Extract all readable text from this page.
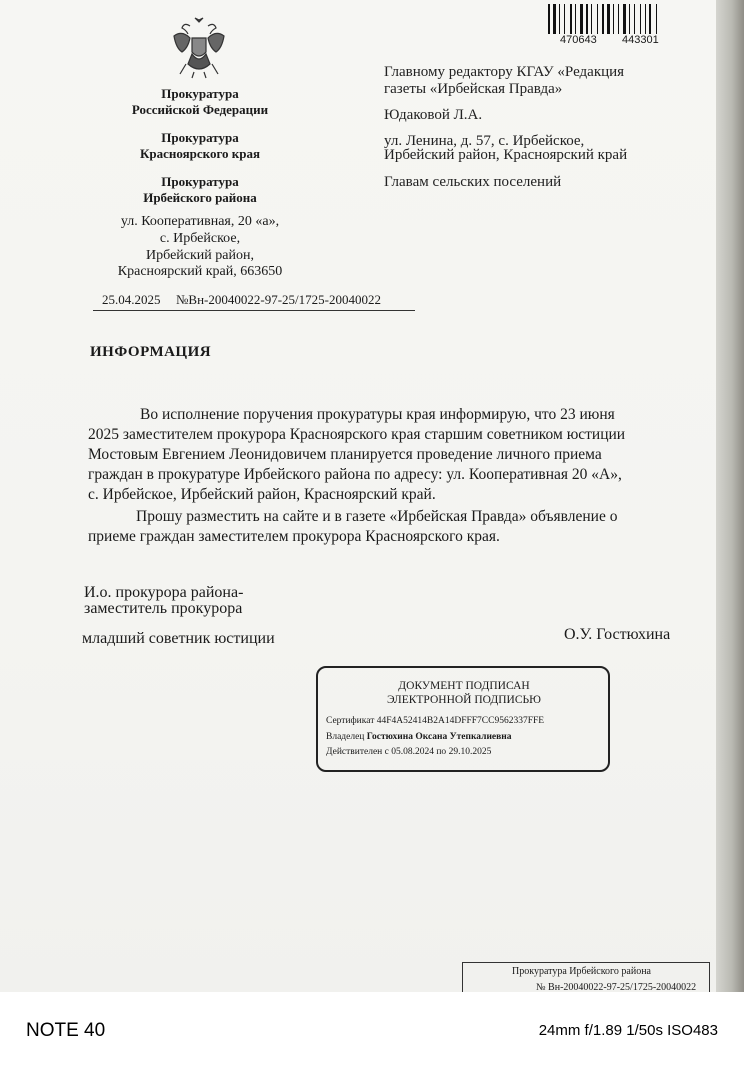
470643 443301
Прокуратура
Российской Федерации
Прокуратура
Красноярского края
Прокуратура
Ирбейского района
ул. Кооперативная, 20 «а»,
с. Ирбейское,
Ирбейский район,
Красноярский край, 663650
25.04.2025 №Вн-20040022-97-25/1725-20040022
Главному редактору КГАУ «Редакция
газеты «Ирбейская Правда»
Юдаковой Л.А.
ул. Ленина, д. 57, с. Ирбейское,
Ирбейский район, Красноярский край
Главам сельских поселений
ИНФОРМАЦИЯ
Во исполнение поручения прокуратуры края информирую, что 23 июня
2025 заместителем прокурора Красноярского края старшим советником юстиции
Мостовым Евгением Леонидовичем планируется проведение личного приема
граждан в прокуратуре Ирбейского района по адресу: ул. Кооперативная 20 «А»,
с. Ирбейское, Ирбейский район, Красноярский край.
Прошу разместить на сайте и в газете «Ирбейская Правда» объявление о
приеме граждан заместителем прокурора Красноярского края.
И.о. прокурора района-
заместитель прокурора
младший советник юстиции	О.У. Гостюхина
ДОКУМЕНТ ПОДПИСАН
ЭЛЕКТРОННОЙ ПОДПИСЬЮ
Сертификат 44F4A52414B2A14DFFF7CC9562337FFE
Владелец Гостюхина Оксана Утепкалиевна
Действителен с 05.08.2024 по 29.10.2025
Прокуратура Ирбейского района
№ Вн-20040022-97-25/1725-20040022
NOTE 40	24mm f/1.89 1/50s ISO483
